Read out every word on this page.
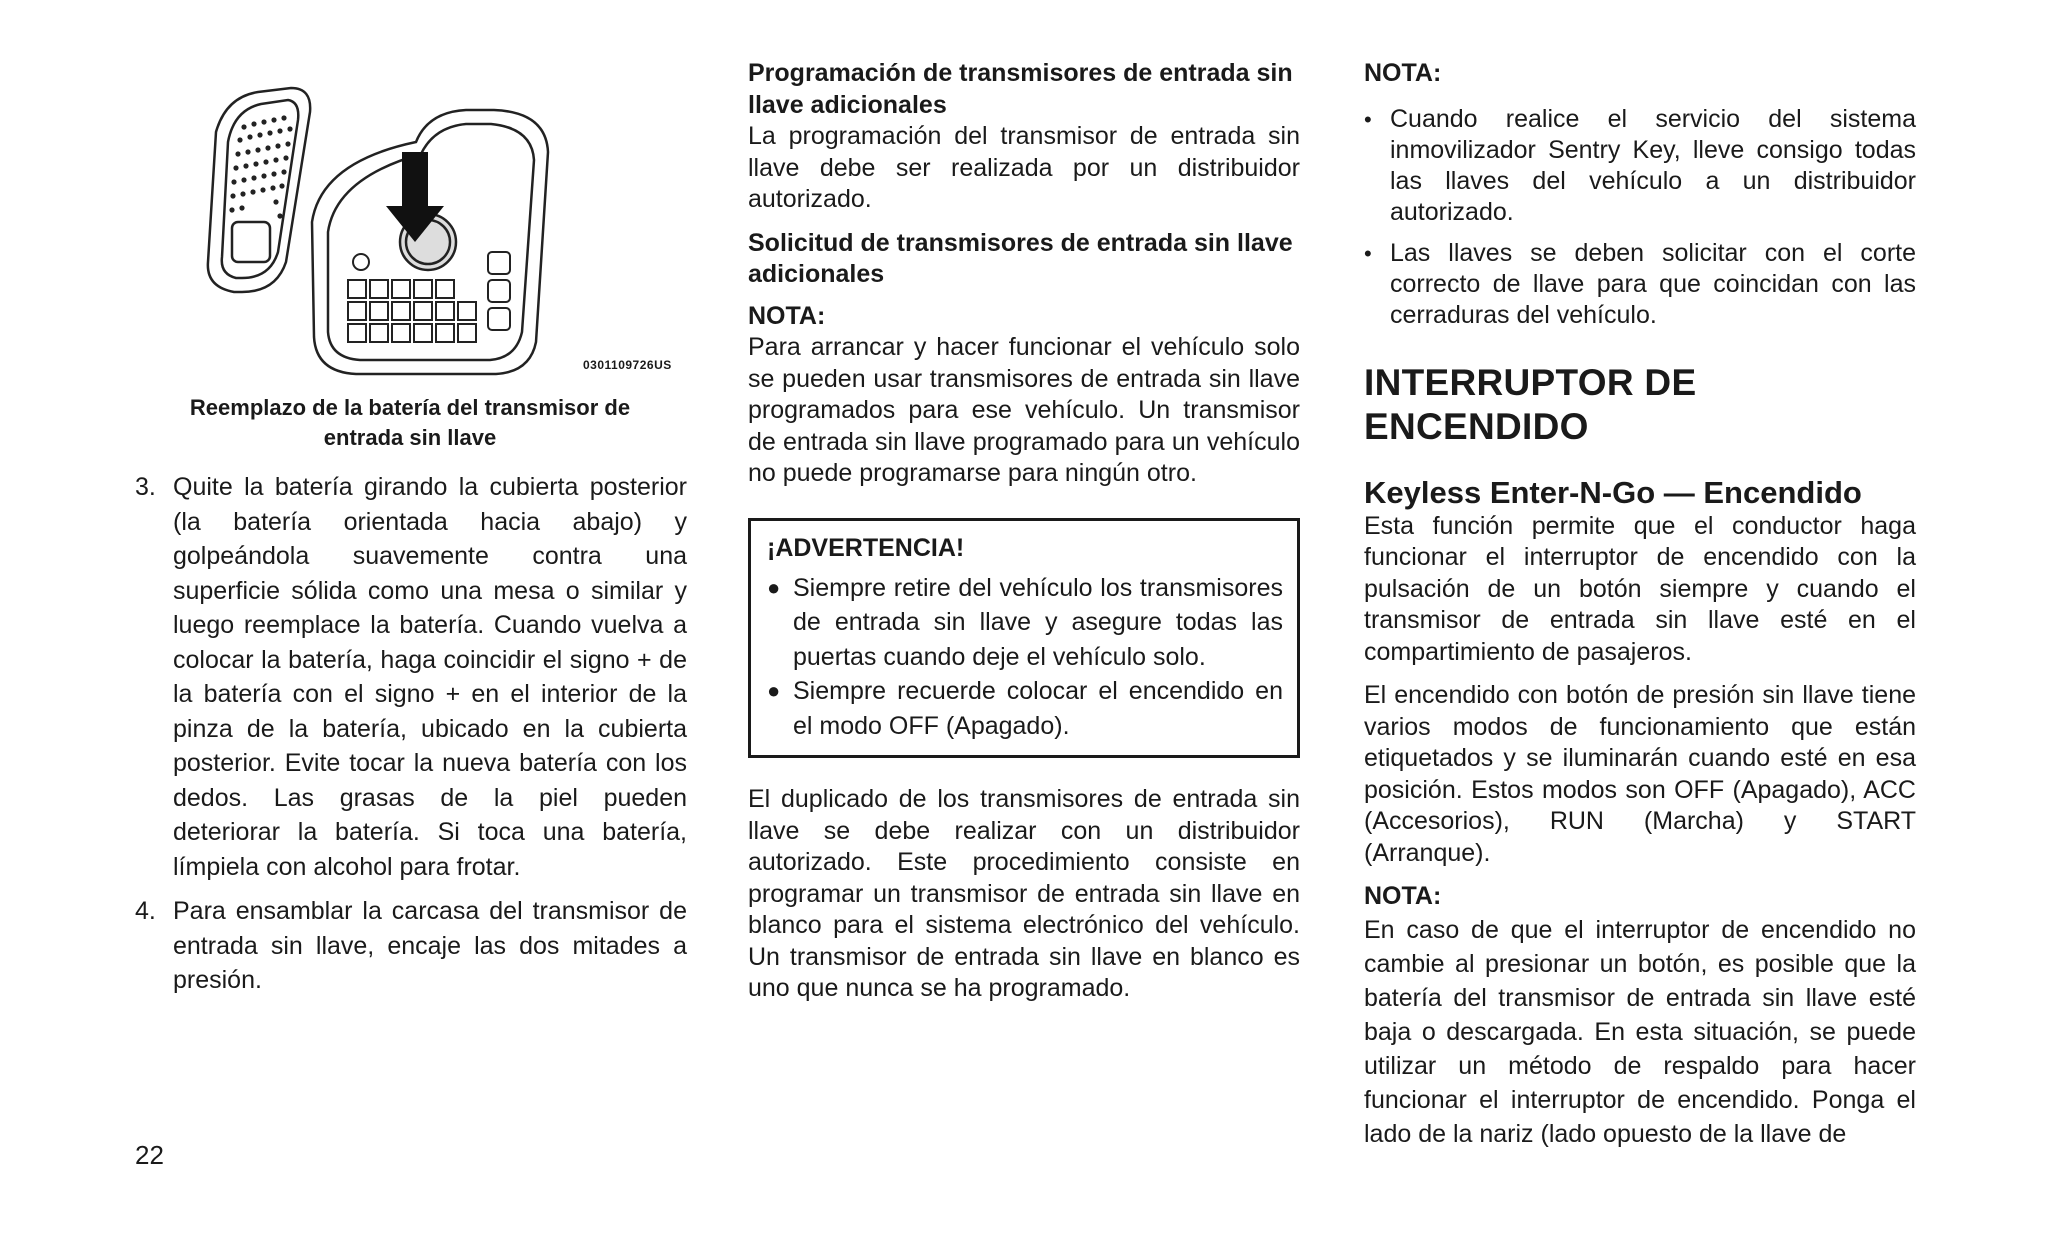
0301109726US
Reemplazo de la batería del transmisor de entrada sin llave
3. Quite la batería girando la cubierta posterior (la batería orientada hacia abajo) y golpeándola suavemente contra una superficie sólida como una mesa o similar y luego reemplace la batería. Cuando vuelva a colocar la batería, haga coincidir el signo + de la batería con el signo + en el interior de la pinza de la batería, ubicado en la cubierta posterior. Evite tocar la nueva batería con los dedos. Las grasas de la piel pueden deteriorar la batería. Si toca una batería, límpiela con alcohol para frotar.
4. Para ensamblar la carcasa del transmisor de entrada sin llave, encaje las dos mitades a presión.
22

Programación de transmisores de entrada sin llave adicionales

La programación del transmisor de entrada sin llave debe ser realizada por un distribuidor autorizado.

Solicitud de transmisores de entrada sin llave adicionales

NOTA:

Para arrancar y hacer funcionar el vehículo solo se pueden usar transmisores de entrada sin llave programados para ese vehículo. Un transmisor de entrada sin llave programado para un vehículo no puede programarse para ningún otro.

¡ADVERTENCIA!

● Siempre retire del vehículo los transmisores de entrada sin llave y asegure todas las puertas cuando deje el vehículo solo.
● Siempre recuerde colocar el encendido en el modo OFF (Apagado).

El duplicado de los transmisores de entrada sin llave se debe realizar con un distribuidor autorizado. Este procedimiento consiste en programar un transmisor de entrada sin llave en blanco para el sistema electrónico del vehículo. Un transmisor de entrada sin llave en blanco es uno que nunca se ha programado.

NOTA:

• Cuando realice el servicio del sistema inmovilizador Sentry Key, lleve consigo todas las llaves del vehículo a un distribuidor autorizado.
• Las llaves se deben solicitar con el corte correcto de llave para que coincidan con las cerraduras del vehículo.

INTERRUPTOR DE ENCENDIDO

Keyless Enter-N-Go — Encendido

Esta función permite que el conductor haga funcionar el interruptor de encendido con la pulsación de un botón siempre y cuando el transmisor de entrada sin llave esté en el compartimiento de pasajeros.

El encendido con botón de presión sin llave tiene varios modos de funcionamiento que están etiquetados y se iluminarán cuando esté en esa posición. Estos modos son OFF (Apagado), ACC (Accesorios), RUN (Marcha) y START (Arranque).

NOTA:

En caso de que el interruptor de encendido no cambie al presionar un botón, es posible que la batería del transmisor de entrada sin llave esté baja o descargada. En esta situación, se puede utilizar un método de respaldo para hacer funcionar el interruptor de encendido. Ponga el lado de la nariz (lado opuesto de la llave de
